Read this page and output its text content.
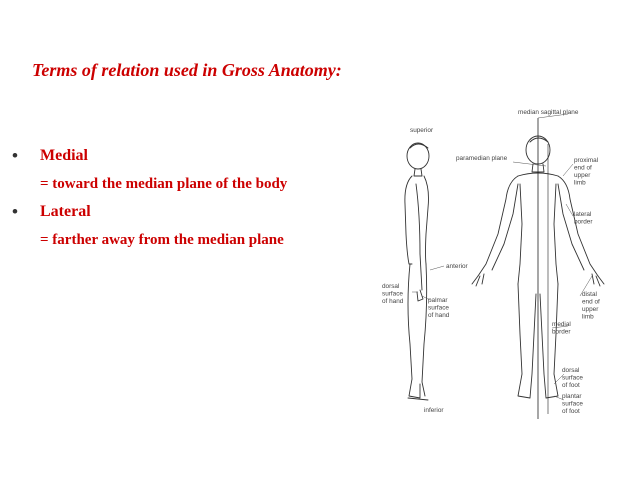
Terms of relation used in Gross Anatomy:
• Medial
= toward the median plane of the body
• Lateral
= farther away from the median plane
median sagittal plane
superior
paramedian plane	proximal end of upper limb
lateral border
anterior
dorsal surface of hand	palmar surface of hand
distal end of upper limb
medial border
dorsal surface of foot
plantar surface of foot
inferior
